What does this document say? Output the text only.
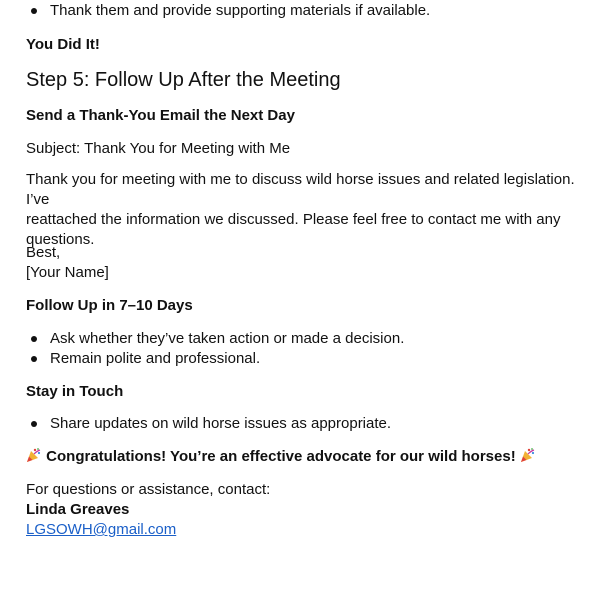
Thank them and provide supporting materials if available.

You Did It!

Step 5: Follow Up After the Meeting

Send a Thank-You Email the Next Day

Subject: Thank You for Meeting with Me

Thank you for meeting with me to discuss wild horse issues and related legislation. I’ve

reattached the information we discussed. Please feel free to contact me with any

questions.

Best,

[Your Name]

Follow Up in 7–10 Days

Ask whether they’ve taken action or made a decision.
Remain polite and professional.

Stay in Touch

Share updates on wild horse issues as appropriate.

Congratulations! You’re an effective advocate for our wild horses!

For questions or assistance, contact:

Linda Greaves

LGSOWH@gmail.com
